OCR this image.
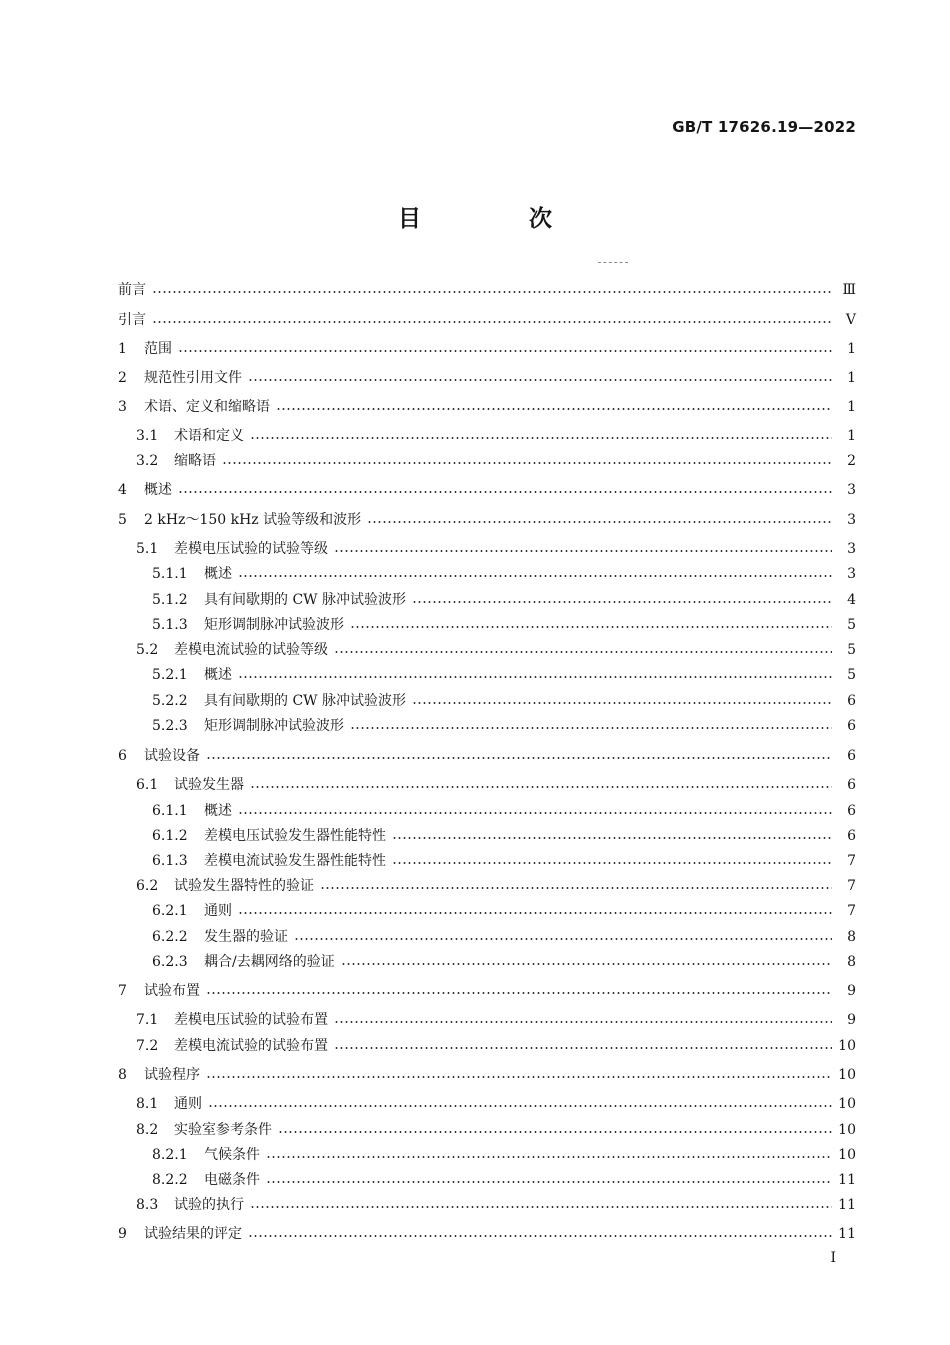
GB/T 17626.19—2022
目 次
前言	Ⅲ
引言	V
1	范围	1
2	规范性引用文件	1
3	术语、定义和缩略语	1
3.1 术语和定义	1
3.2 缩略语	2
4	概述	3
5	2 kHz～150 kHz 试验等级和波形	3
5.1 差模电压试验的试验等级	3
5.1.1	概述	3
5.1.2	具有间歇期的 CW 脉冲试验波形	4
5.1.3	矩形调制脉冲试验波形	5
5.2 差模电流试验的试验等级	5
5.2.1	概述	5
5.2.2	具有间歇期的 CW 脉冲试验波形	6
5.2.3	矩形调制脉冲试验波形	6
6	试验设备	6
6.1 试验发生器	6
6.1.1	概述	6
6.1.2	差模电压试验发生器性能特性	6
6.1.3	差模电流试验发生器性能特性	7
6.2 试验发生器特性的验证	7
6.2.1	通则	7
6.2.2	发生器的验证	8
6.2.3	耦合/去耦网络的验证	8
7	试验布置	9
7.1 差模电压试验的试验布置	9
7.2 差模电流试验的试验布置	10
8	试验程序	10
8.1 通则	10
8.2 实验室参考条件	10
8.2.1	气候条件	10
8.2.2	电磁条件	11
8.3 试验的执行	11
9	试验结果的评定	11
I
